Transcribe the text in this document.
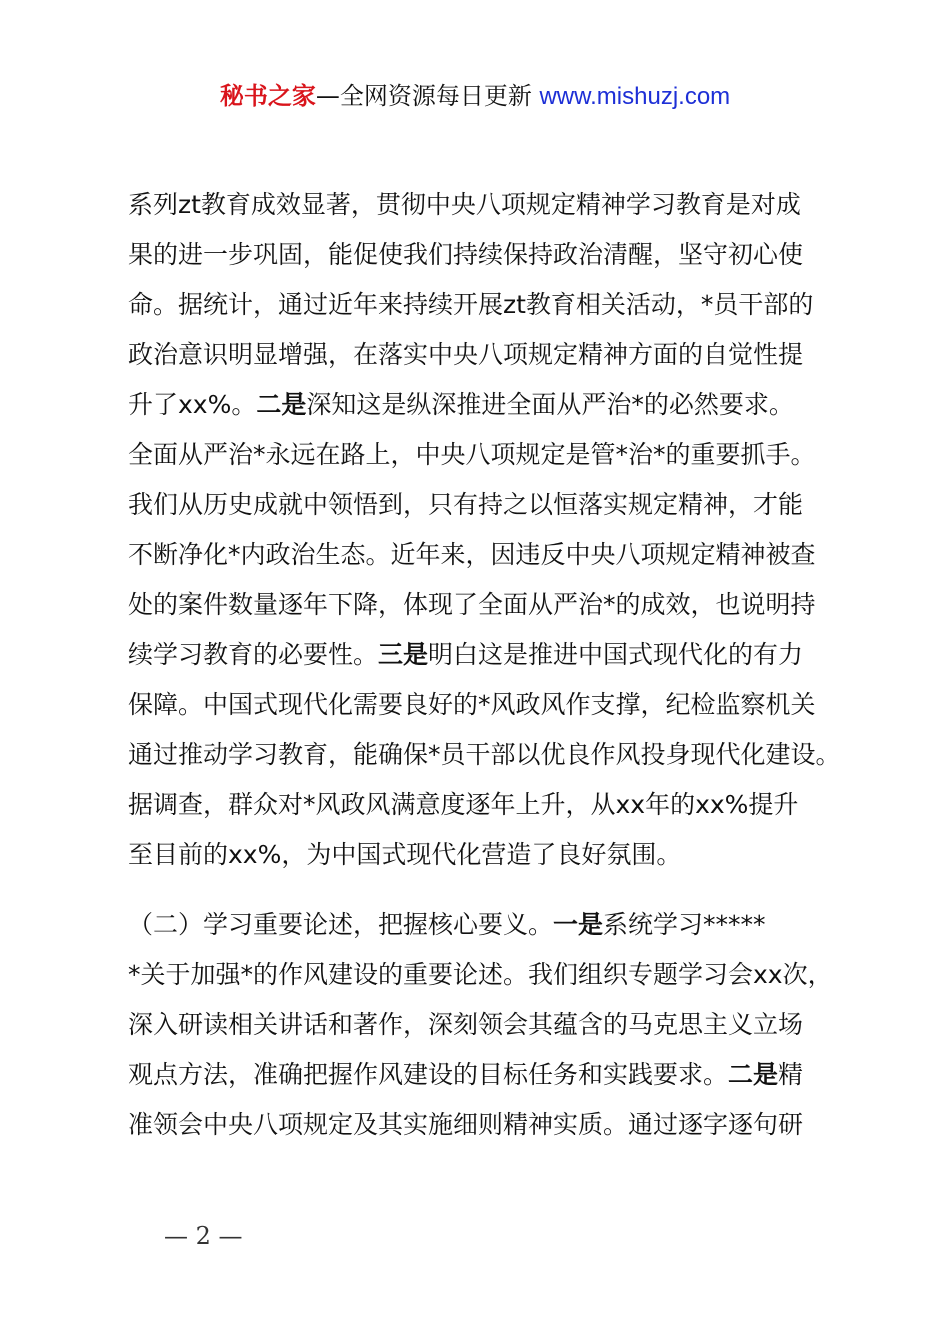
秘书之家—全网资源每日更新 www.mishuzj.com
系列zt教育成效显著，贯彻中央八项规定精神学习教育是对成
果的进一步巩固，能促使我们持续保持政治清醒，坚守初心使
命。据统计，通过近年来持续开展zt教育相关活动，*员干部的
政治意识明显增强，在落实中央八项规定精神方面的自觉性提
升了xx%。二是深知这是纵深推进全面从严治*的必然要求。
全面从严治*永远在路上，中央八项规定是管*治*的重要抓手。
我们从历史成就中领悟到，只有持之以恒落实规定精神，才能
不断净化*内政治生态。近年来，因违反中央八项规定精神被查
处的案件数量逐年下降，体现了全面从严治*的成效，也说明持
续学习教育的必要性。三是明白这是推进中国式现代化的有力
保障。中国式现代化需要良好的*风政风作支撑，纪检监察机关
通过推动学习教育，能确保*员干部以优良作风投身现代化建设。
据调查，群众对*风政风满意度逐年上升，从xx年的xx%提升
至目前的xx%，为中国式现代化营造了良好氛围。
（二）学习重要论述，把握核心要义。一是系统学习*****
*关于加强*的作风建设的重要论述。我们组织专题学习会xx次，
深入研读相关讲话和著作，深刻领会其蕴含的马克思主义立场
观点方法，准确把握作风建设的目标任务和实践要求。二是精
准领会中央八项规定及其实施细则精神实质。通过逐字逐句研
— 2 —
